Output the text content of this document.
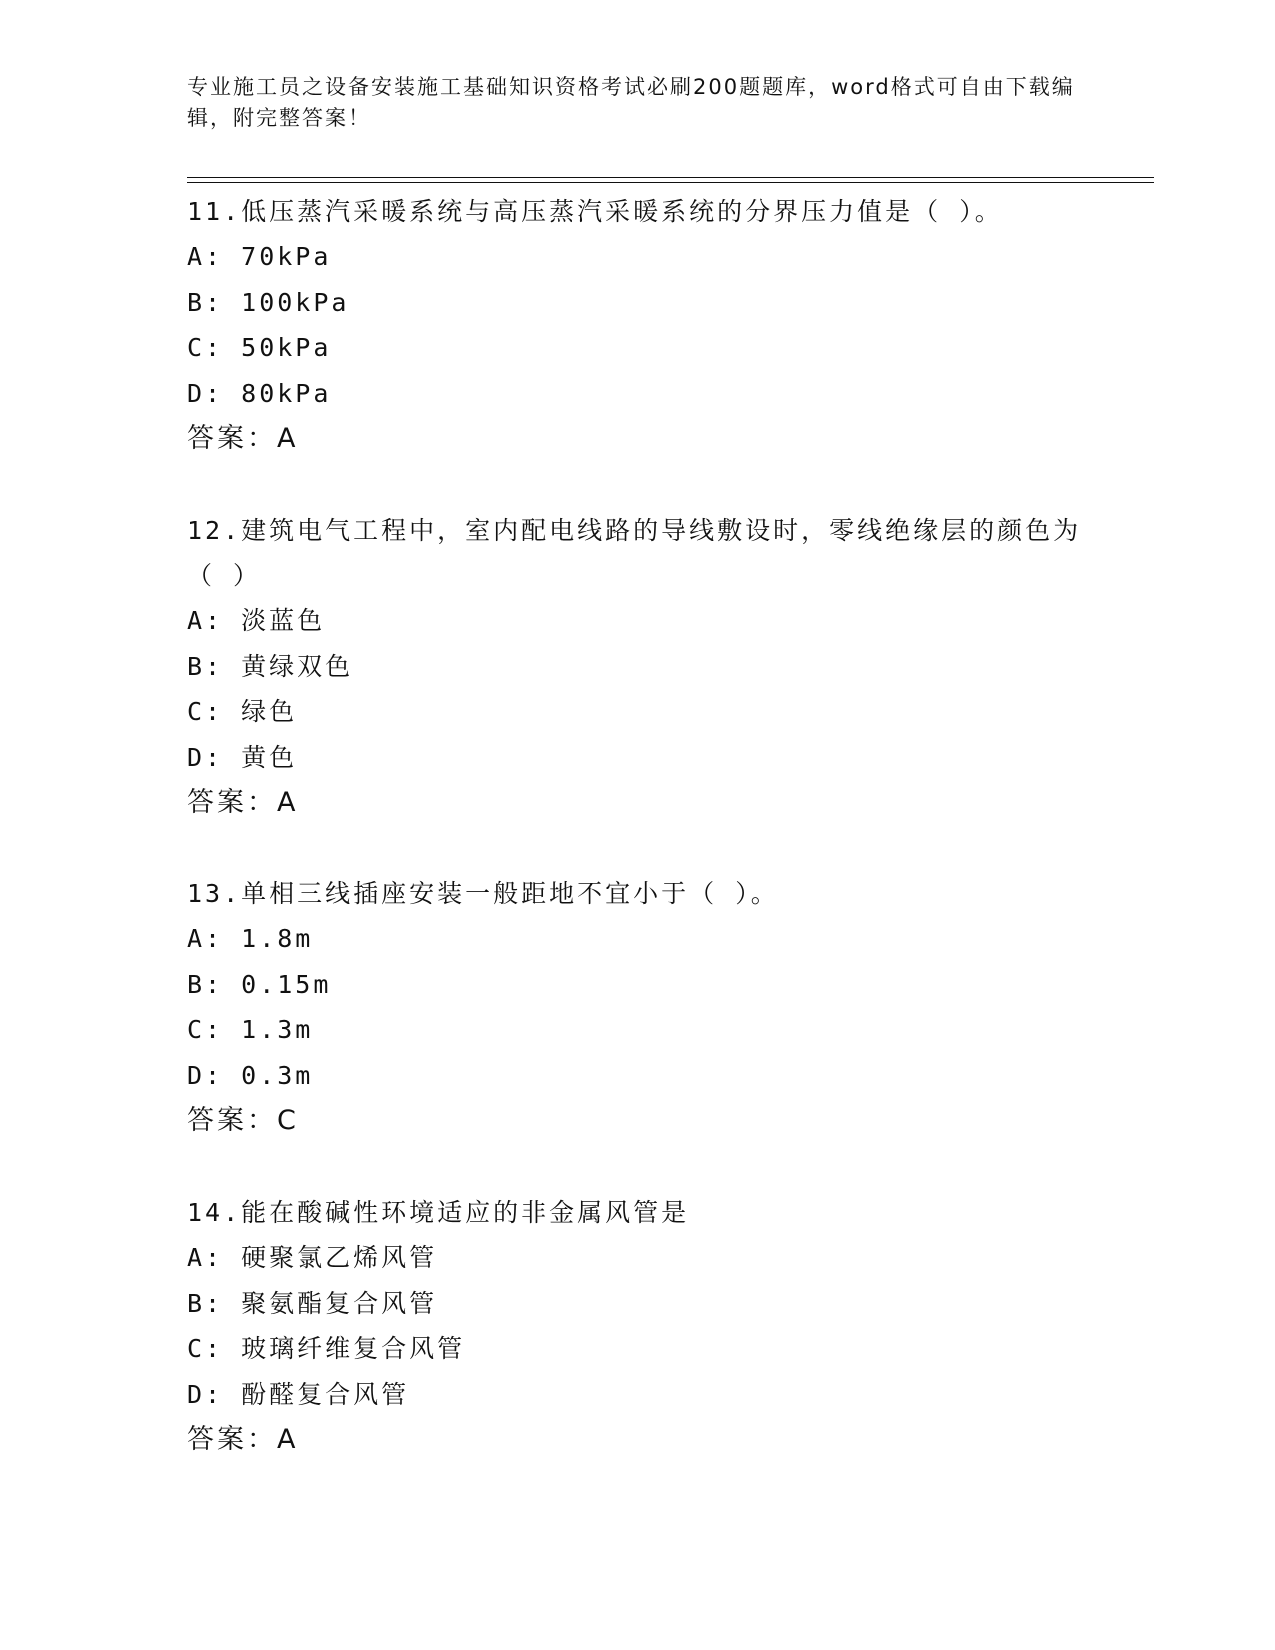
专业施工员之设备安装施工基础知识资格考试必刷200题题库，word格式可自由下载编辑，附完整答案！

11.低压蒸汽采暖系统与高压蒸汽采暖系统的分界压力值是（ ）。

A: 70kPa

B: 100kPa

C: 50kPa

D: 80kPa

答案：A

12.建筑电气工程中，室内配电线路的导线敷设时，零线绝缘层的颜色为（ ）

A: 淡蓝色

B: 黄绿双色

C: 绿色

D: 黄色

答案：A

13.单相三线插座安装一般距地不宜小于（ ）。

A: 1.8m

B: 0.15m

C: 1.3m

D: 0.3m

答案：C

14.能在酸碱性环境适应的非金属风管是

A: 硬聚氯乙烯风管

B: 聚氨酯复合风管

C: 玻璃纤维复合风管

D: 酚醛复合风管

答案：A
